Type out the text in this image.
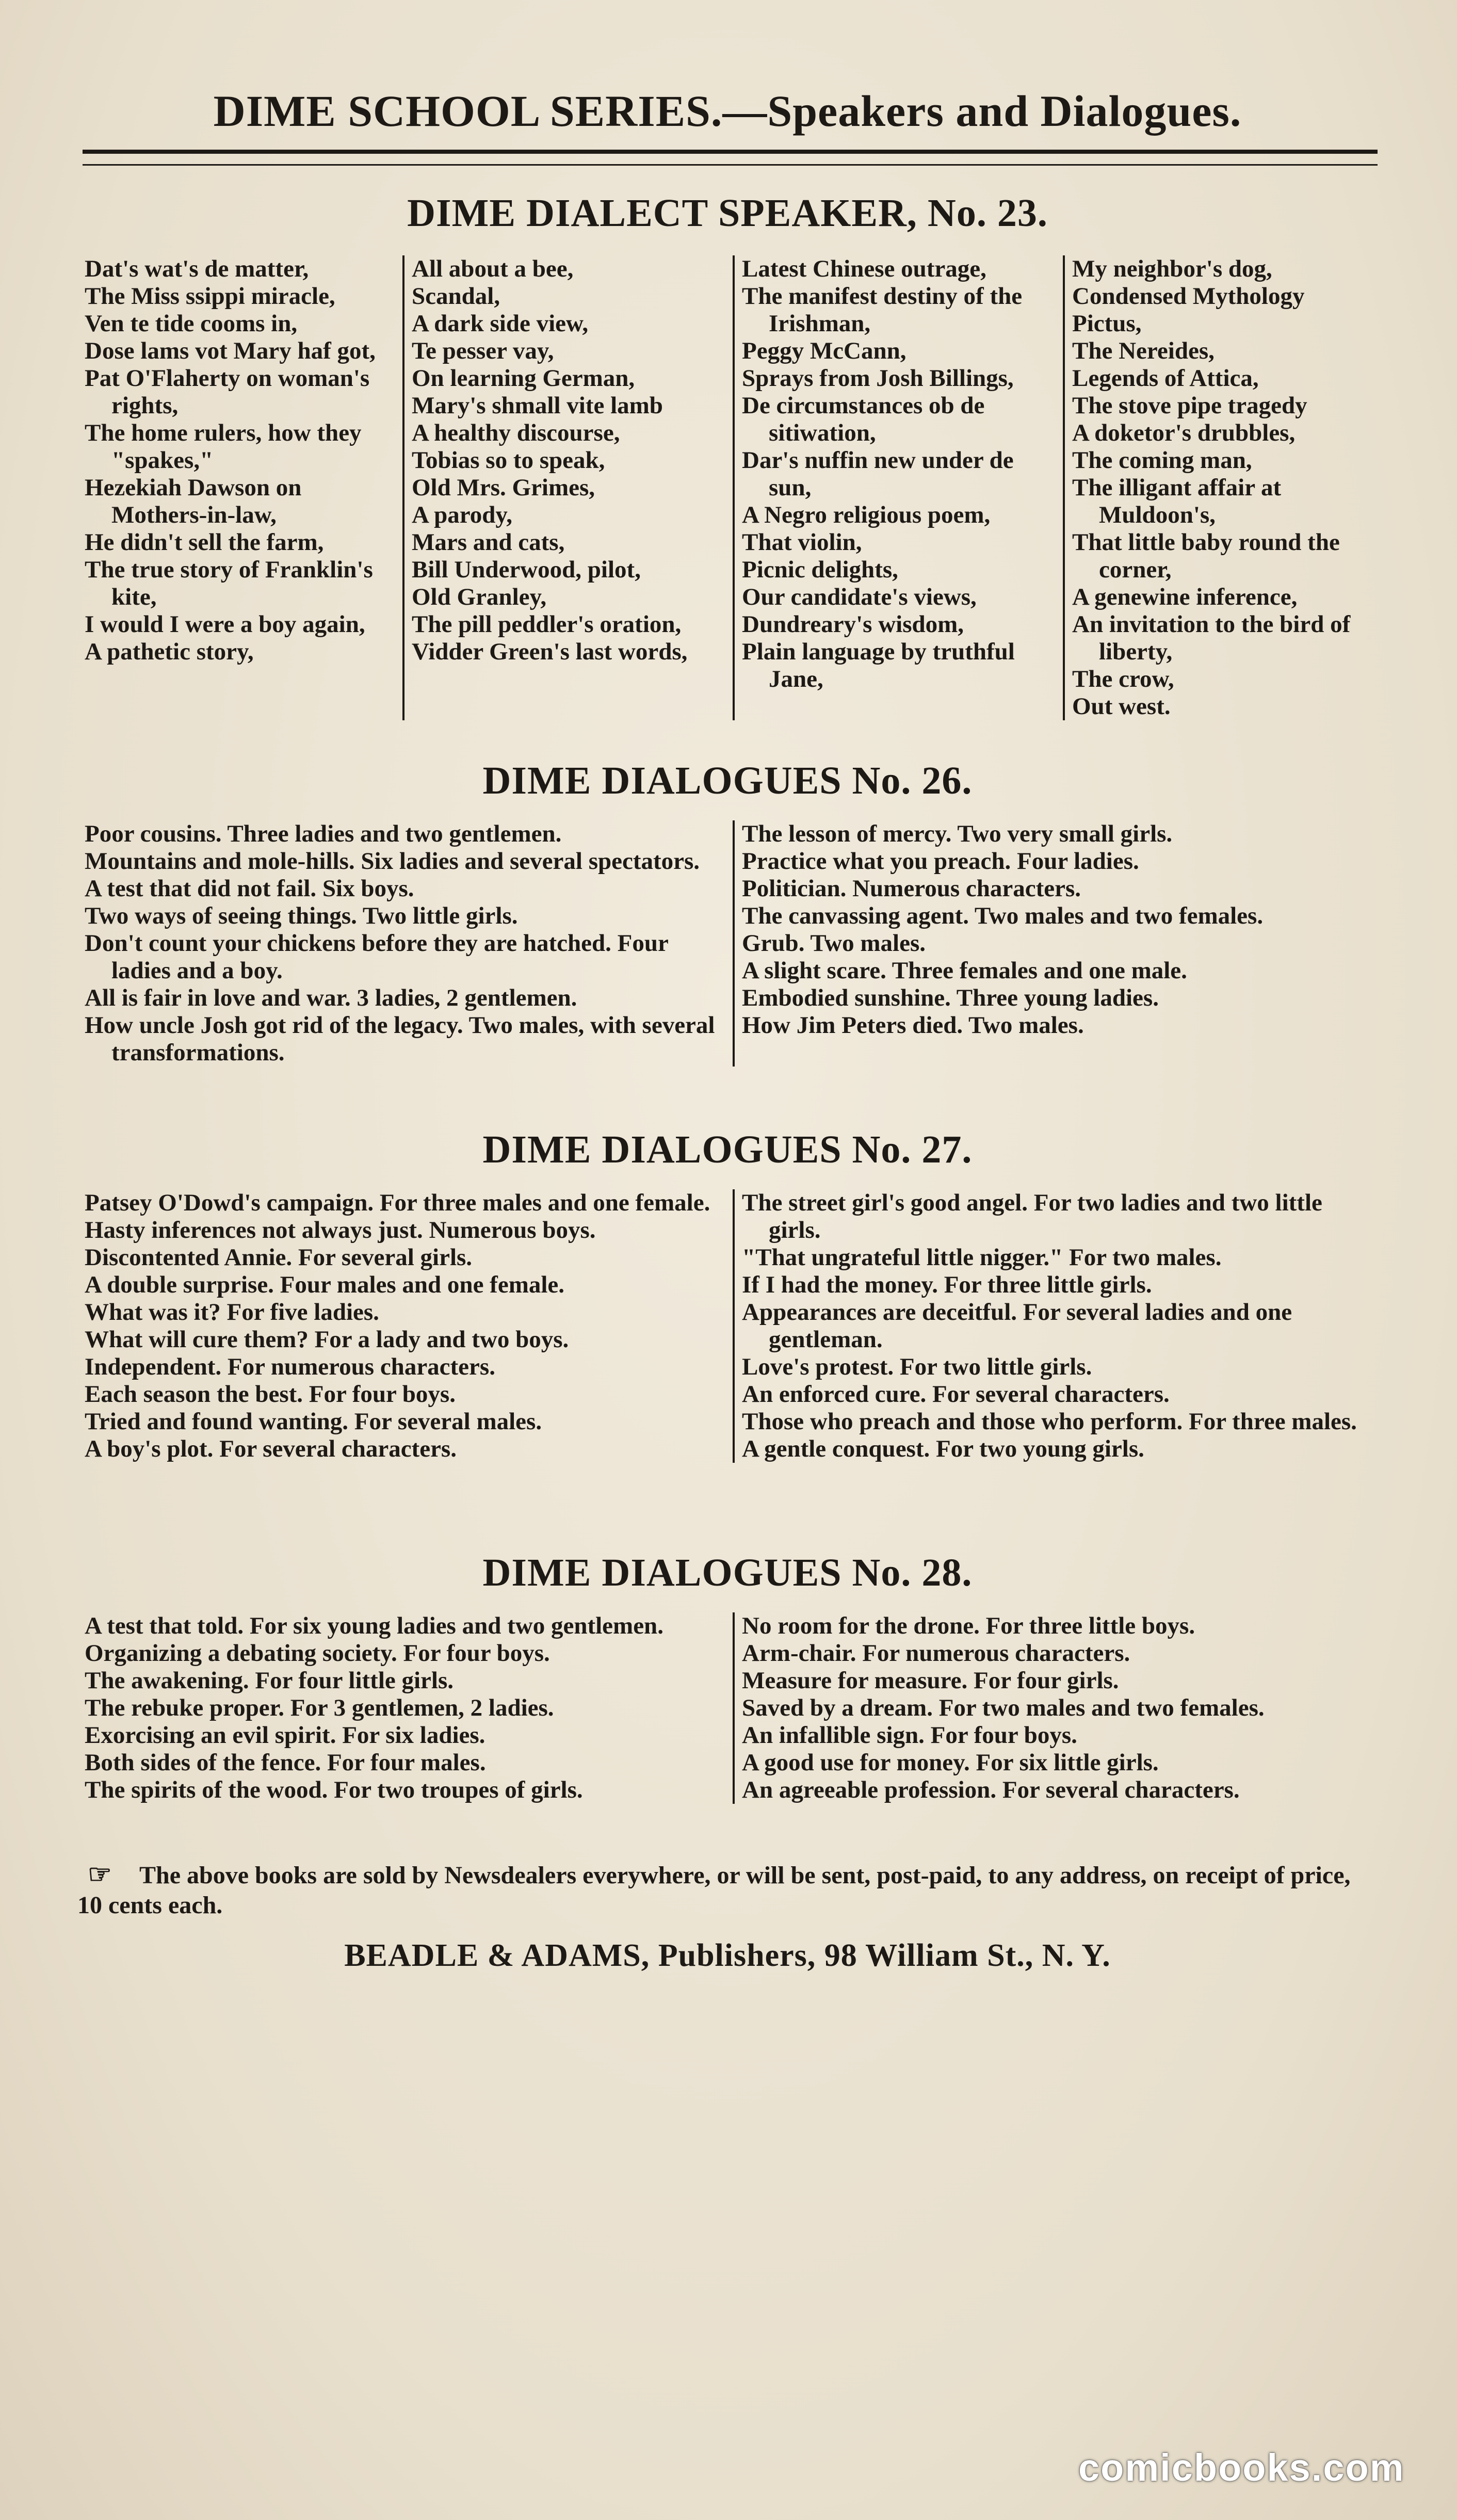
DIME SCHOOL SERIES.—Speakers and Dialogues.
DIME DIALECT SPEAKER, No. 23.
Dat's wat's de matter,
The Miss ssippi miracle,
Ven te tide cooms in,
Dose lams vot Mary haf got,
Pat O'Flaherty on woman's rights,
The home rulers, how they "spakes,"
Hezekiah Dawson on Mothers-in-law,
He didn't sell the farm,
The true story of Franklin's kite,
I would I were a boy again,
A pathetic story,
All about a bee,
Scandal,
A dark side view,
Te pesser vay,
On learning German,
Mary's shmall vite lamb
A healthy discourse,
Tobias so to speak,
Old Mrs. Grimes,
A parody,
Mars and cats,
Bill Underwood, pilot,
Old Granley,
The pill peddler's oration,
Vidder Green's last words,
Latest Chinese outrage,
The manifest destiny of the Irishman,
Peggy McCann,
Sprays from Josh Billings,
De circumstances ob de sitiwation,
Dar's nuffin new under de sun,
A Negro religious poem,
That violin,
Picnic delights,
Our candidate's views,
Dundreary's wisdom,
Plain language by truthful Jane,
My neighbor's dog,
Condensed Mythology
Pictus,
The Nereides,
Legends of Attica,
The stove pipe tragedy
A doketor's drubbles,
The coming man,
The illigant affair at Muldoon's,
That little baby round the corner,
A genewine inference,
An invitation to the bird of liberty,
The crow,
Out west.
DIME DIALOGUES No. 26.
Poor cousins. Three ladies and two gentlemen.
Mountains and mole-hills. Six ladies and several spectators.
A test that did not fail. Six boys.
Two ways of seeing things. Two little girls.
Don't count your chickens before they are hatched. Four ladies and a boy.
All is fair in love and war. 3 ladies, 2 gentlemen.
How uncle Josh got rid of the legacy. Two males, with several transformations.
The lesson of mercy. Two very small girls.
Practice what you preach. Four ladies.
Politician. Numerous characters.
The canvassing agent. Two males and two females.
Grub. Two males.
A slight scare. Three females and one male.
Embodied sunshine. Three young ladies.
How Jim Peters died. Two males.
DIME DIALOGUES No. 27.
Patsey O'Dowd's campaign. For three males and one female.
Hasty inferences not always just. Numerous boys.
Discontented Annie. For several girls.
A double surprise. Four males and one female.
What was it? For five ladies.
What will cure them? For a lady and two boys.
Independent. For numerous characters.
Each season the best. For four boys.
Tried and found wanting. For several males.
A boy's plot. For several characters.
The street girl's good angel. For two ladies and two little girls.
"That ungrateful little nigger." For two males.
If I had the money. For three little girls.
Appearances are deceitful. For several ladies and one gentleman.
Love's protest. For two little girls.
An enforced cure. For several characters.
Those who preach and those who perform. For three males.
A gentle conquest. For two young girls.
DIME DIALOGUES No. 28.
A test that told. For six young ladies and two gentlemen.
Organizing a debating society. For four boys.
The awakening. For four little girls.
The rebuke proper. For 3 gentlemen, 2 ladies.
Exorcising an evil spirit. For six ladies.
Both sides of the fence. For four males.
The spirits of the wood. For two troupes of girls.
No room for the drone. For three little boys.
Arm-chair. For numerous characters.
Measure for measure. For four girls.
Saved by a dream. For two males and two females.
An infallible sign. For four boys.
A good use for money. For six little girls.
An agreeable profession. For several characters.
☞ The above books are sold by Newsdealers everywhere, or will be sent, post-paid, to any address, on receipt of price, 10 cents each.
BEADLE & ADAMS, Publishers, 98 William St., N. Y.
comicbooks.com
